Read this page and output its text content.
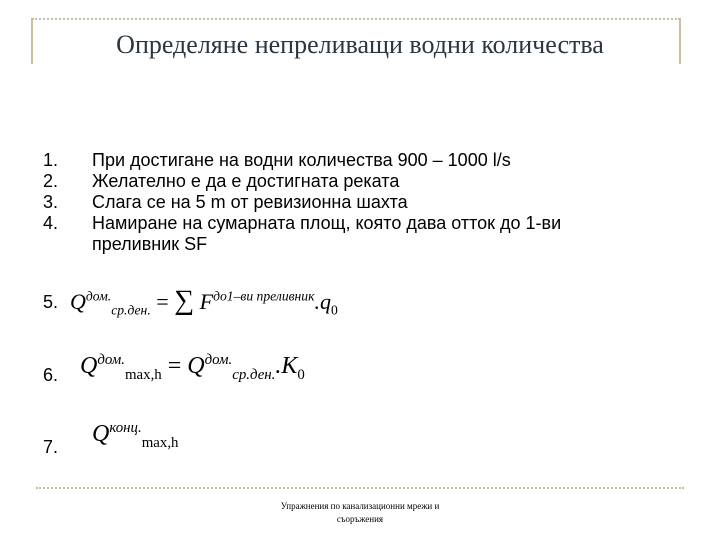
Определяне непреливащи водни количества
1.	При достигане на водни количества 900 – 1000 l/s
2.	Желателно е да е достигната реката
3.	Слага се на 5 m от ревизионна шахта
4.	Намиране на сумарната площ, която дава отток до 1-ви преливник SF
5. $Q^{дом.}_{ср.ден.}$ = ∑ $F^{до1-ви преливник}.q_0$
6. $Q^{дом.}_{max,h} = Q^{дом.}_{ср.ден.}.K_0$
7. $Q^{конц.}_{max,h}$
Упражнения по канализационни мрежи и
съоръжения
